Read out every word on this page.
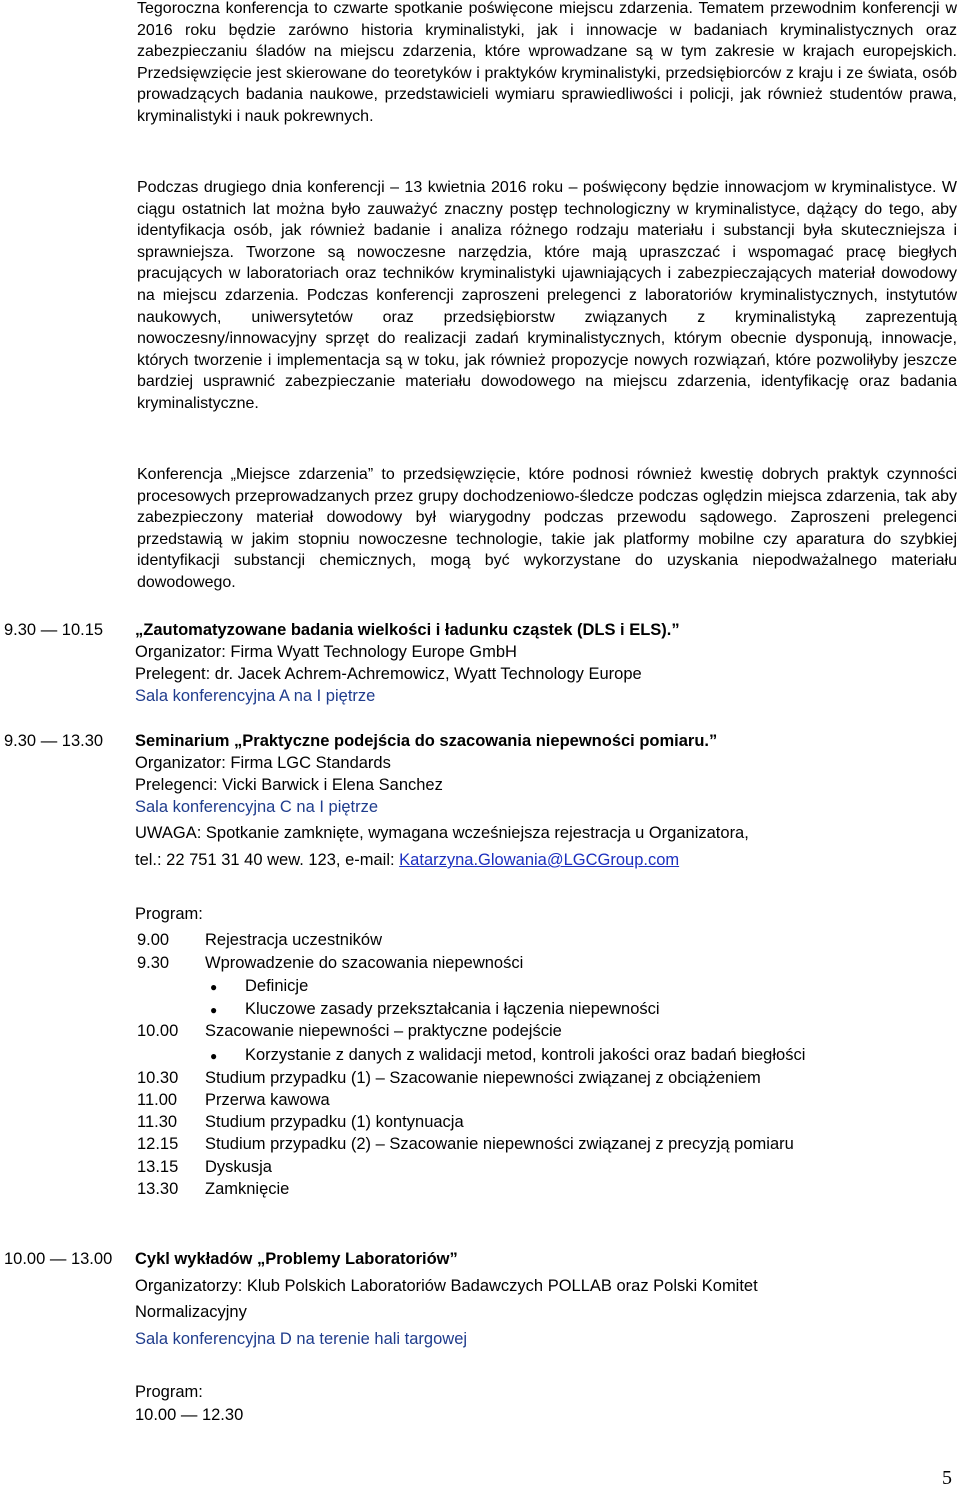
Tegoroczna konferencja to czwarte spotkanie poświęcone miejscu zdarzenia. Tematem przewodnim konferencji w 2016 roku będzie zarówno historia kryminalistyki, jak i innowacje w badaniach kryminalistycznych oraz zabezpieczaniu śladów na miejscu zdarzenia, które wprowadzane są w tym zakresie w krajach europejskich. Przedsięwzięcie jest skierowane do teoretyków i praktyków kryminalistyki, przedsiębiorców z kraju i ze świata, osób prowadzących badania naukowe, przedstawicieli wymiaru sprawiedliwości i policji, jak również studentów prawa, kryminalistyki i nauk pokrewnych.

Podczas drugiego dnia konferencji – 13 kwietnia 2016 roku – poświęcony będzie innowacjom w kryminalistyce. W ciągu ostatnich lat można było zauważyć znaczny postęp technologiczny w kryminalistyce, dążący do tego, aby identyfikacja osób, jak również badanie i analiza różnego rodzaju materiału i substancji była skuteczniejsza i sprawniejsza. Tworzone są nowoczesne narzędzia, które mają upraszczać i wspomagać pracę biegłych pracujących w laboratoriach oraz techników kryminalistyki ujawniających i zabezpieczających materiał dowodowy na miejscu zdarzenia. Podczas konferencji zaproszeni prelegenci z laboratoriów kryminalistycznych, instytutów naukowych, uniwersytetów oraz przedsiębiorstw związanych z kryminalistyką zaprezentują nowoczesny/innowacyjny sprzęt do realizacji zadań kryminalistycznych, którym obecnie dysponują, innowacje, których tworzenie i implementacja są w toku, jak również propozycje nowych rozwiązań, które pozwoliłyby jeszcze bardziej usprawnić zabezpieczanie materiału dowodowego na miejscu zdarzenia, identyfikację oraz badania kryminalistyczne.

Konferencja „Miejsce zdarzenia” to przedsięwzięcie, które podnosi również kwestię dobrych praktyk czynności procesowych przeprowadzanych przez grupy dochodzeniowo-śledcze podczas oględzin miejsca zdarzenia, tak aby zabezpieczony materiał dowodowy był wiarygodny podczas przewodu sądowego. Zaproszeni prelegenci przedstawią w jakim stopniu nowoczesne technologie, takie jak platformy mobilne czy aparatura do szybkiej identyfikacji substancji chemicznych, mogą być wykorzystane do uzyskania niepodważalnego materiału dowodowego.

9.30 — 10.15 „Zautomatyzowane badania wielkości i ładunku cząstek (DLS i ELS).”
Organizator: Firma Wyatt Technology Europe GmbH
Prelegent: dr. Jacek Achrem-Achremowicz, Wyatt Technology Europe
Sala konferencyjna A na I piętrze
9.30 — 13.30 Seminarium „Praktyczne podejścia do szacowania niepewności pomiaru.”
Organizator: Firma LGC Standards
Prelegenci: Vicki Barwick i Elena Sanchez
Sala konferencyjna C na I piętrze
UWAGA: Spotkanie zamknięte, wymagana wcześniejsza rejestracja u Organizatora,
tel.: 22 751 31 40 wew. 123, e-mail: Katarzyna.Glowania@LGCGroup.com
Program:
9.00 Rejestracja uczestników
9.30 Wprowadzenie do szacowania niepewności
● Definicje
● Kluczowe zasady przekształcania i łączenia niepewności
10.00 Szacowanie niepewności – praktyczne podejście
● Korzystanie z danych z walidacji metod, kontroli jakości oraz badań biegłości
10.30 Studium przypadku (1) – Szacowanie niepewności związanej z obciążeniem
11.00 Przerwa kawowa
11.30 Studium przypadku (1) kontynuacja
12.15 Studium przypadku (2) – Szacowanie niepewności związanej z precyzją pomiaru
13.15 Dyskusja
13.30 Zamknięcie
10.00 — 13.00 Cykl wykładów „Problemy Laboratoriów”
Organizatorzy: Klub Polskich Laboratoriów Badawczych POLLAB oraz Polski Komitet
Normalizacyjny
Sala konferencyjna D na terenie hali targowej
Program:
10.00 — 12.30
5
